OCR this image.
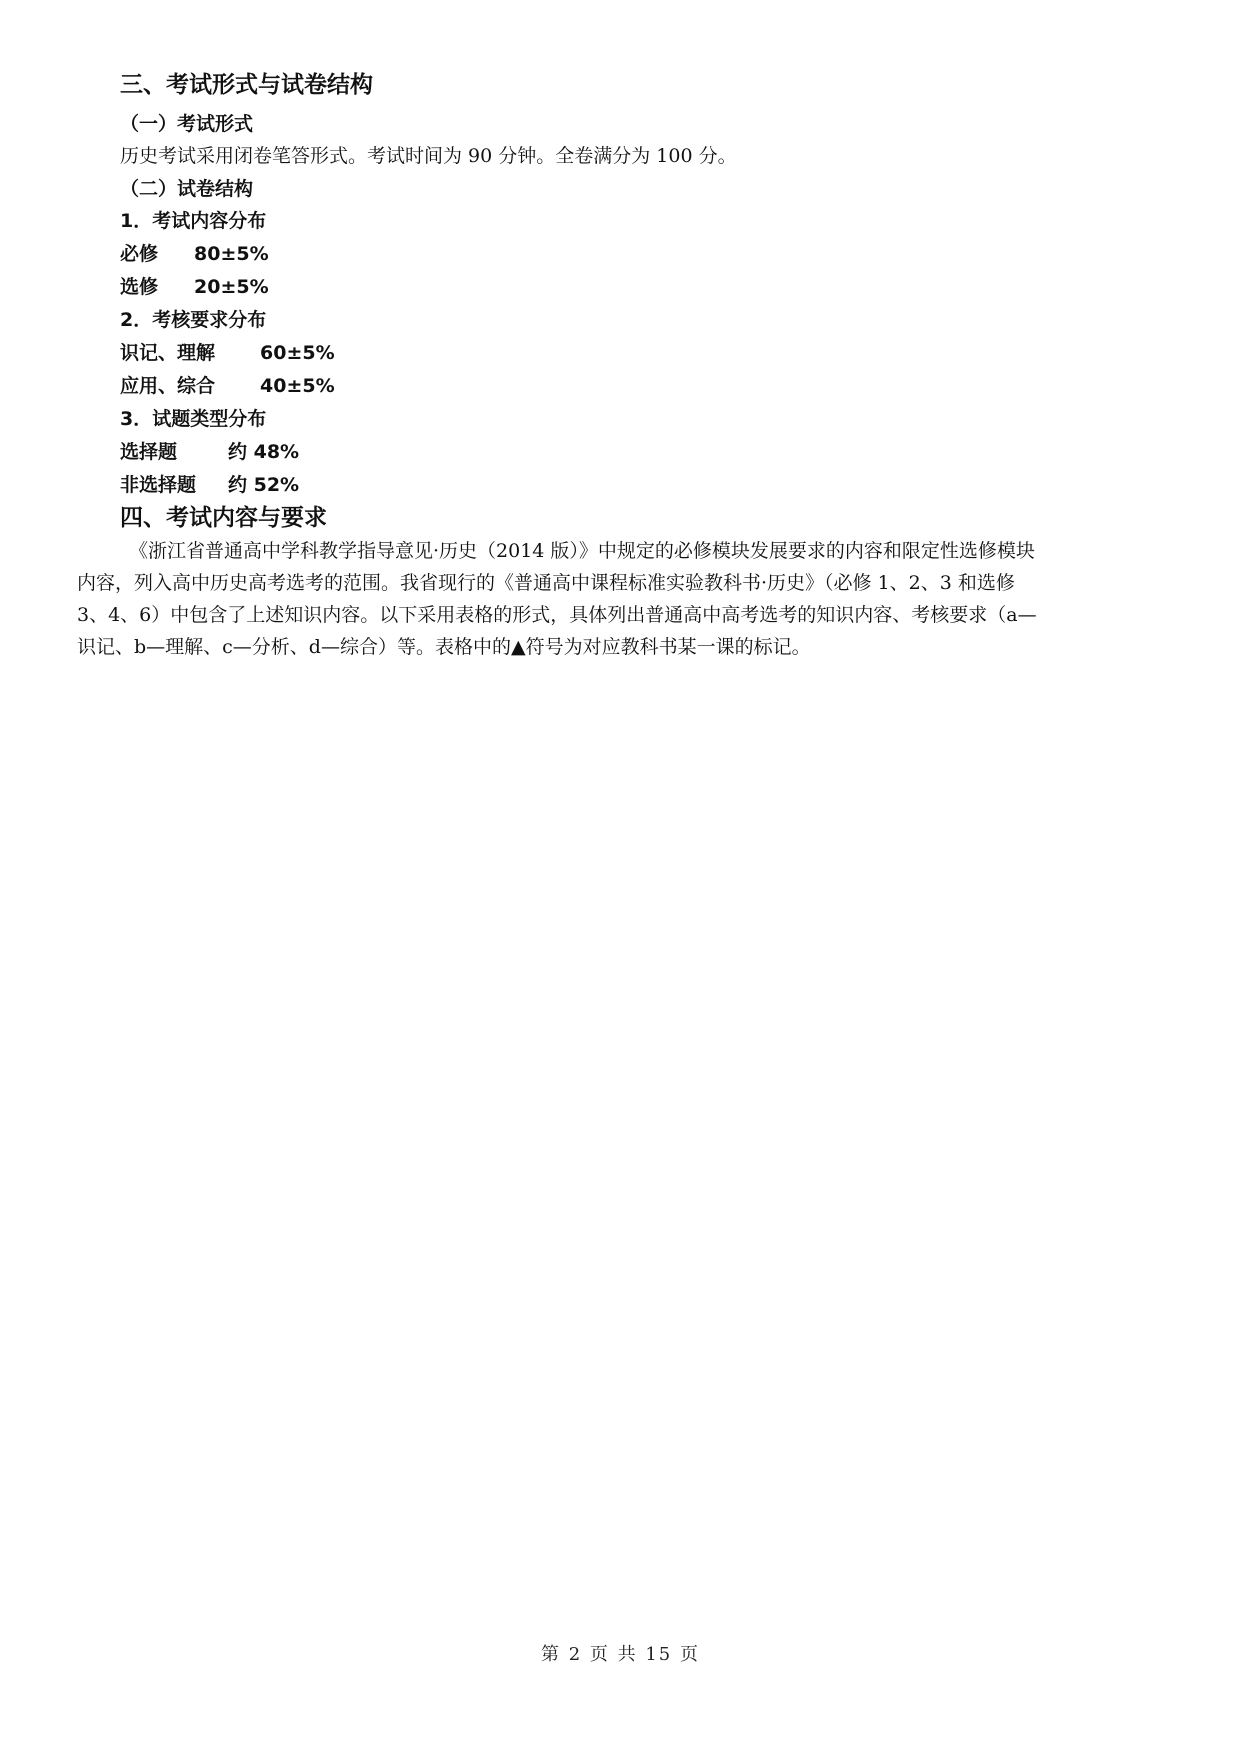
三、考试形式与试卷结构
（一）考试形式
历史考试采用闭卷笔答形式。考试时间为 90 分钟。全卷满分为 100 分。
（二）试卷结构
1．考试内容分布
必修 80±5%
选修 20±5%
2．考核要求分布
识记、理解 60±5%
应用、综合 40±5%
3．试题类型分布
选择题	约 48%
非选择题 约 52%
四、考试内容与要求
《浙江省普通高中学科教学指导意见·历史（2014 版）》中规定的必修模块发展要求的内容和限定性选修模块
内容，列入高中历史高考选考的范围。我省现行的《普通高中课程标准实验教科书·历史》（必修 1、2、3 和选修
3、4、6）中包含了上述知识内容。以下采用表格的形式，具体列出普通高中高考选考的知识内容、考核要求（a—
识记、b—理解、c—分析、d—综合）等。表格中的▲符号为对应教科书某一课的标记。
第 2 页 共 15 页
